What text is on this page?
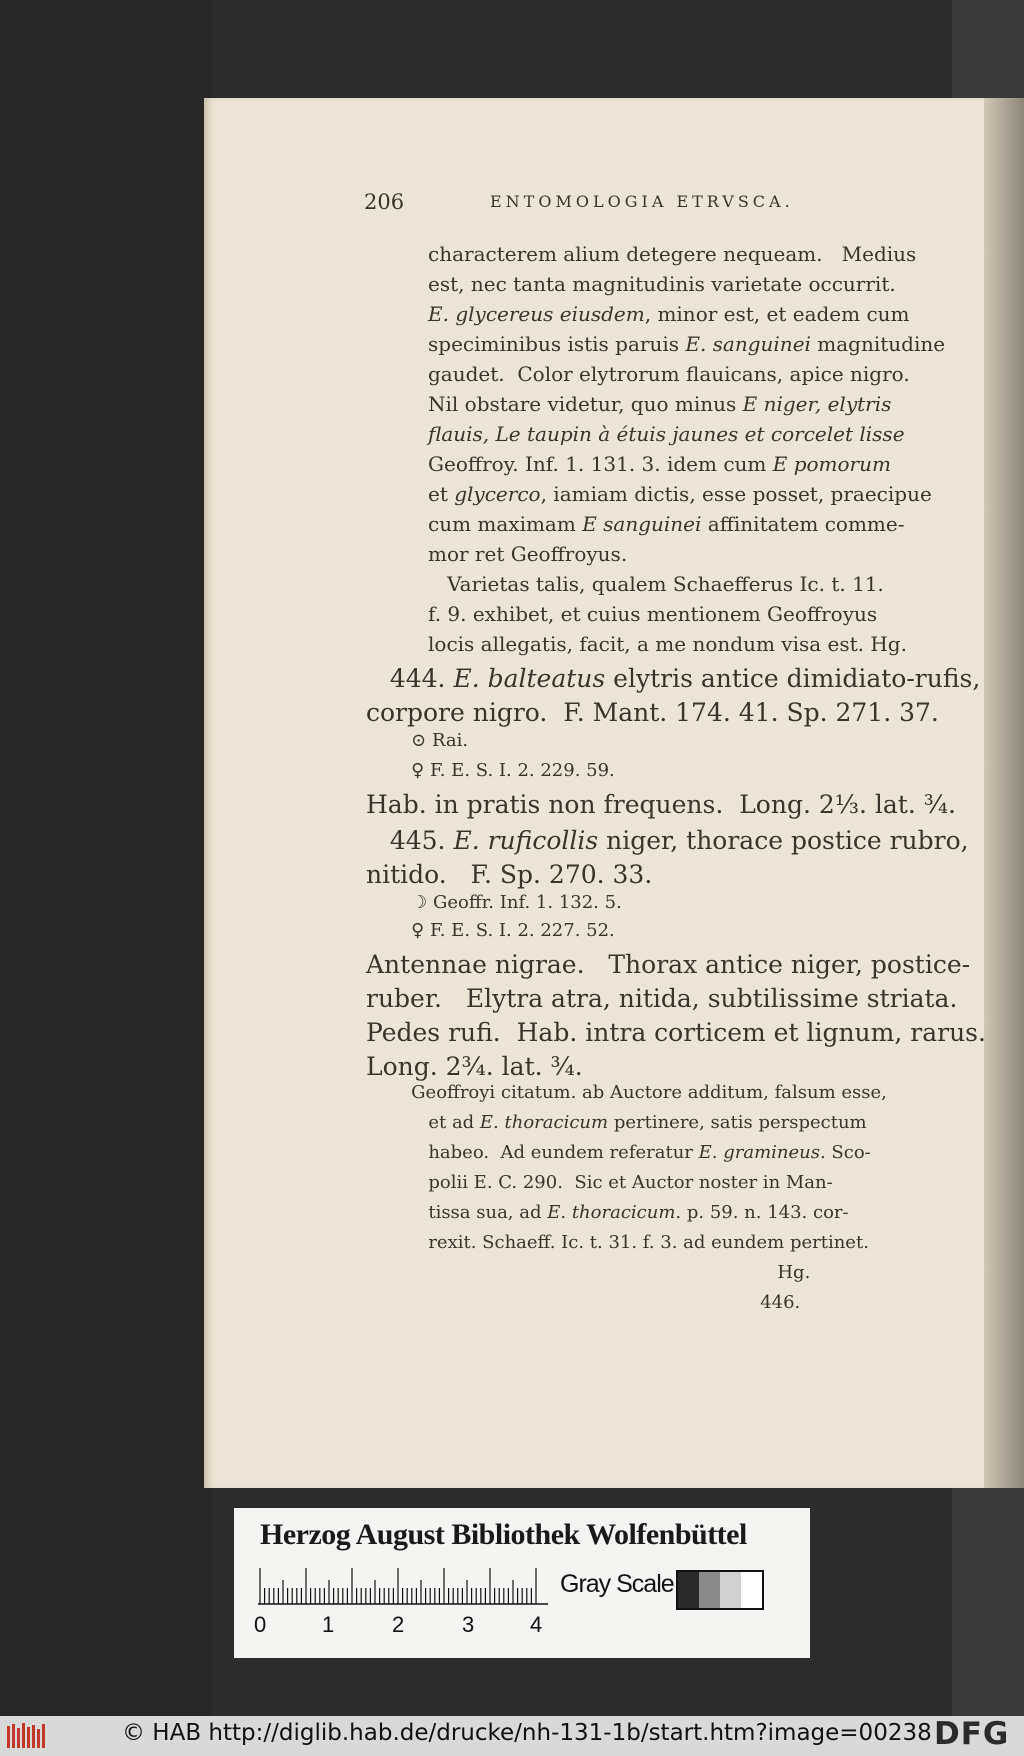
206	ENTOMOLOGIA ETRVSCA.
characterem alium detegere nequeam.   Medius
est, nec tanta magnitudinis varietate occurrit.
E. glycereus eiusdem, minor est, et eadem cum
speciminibus istis paruis E. sanguinei magnitudine
gaudet.  Color elytrorum flauicans, apice nigro.
Nil obstare videtur, quo minus E niger, elytris
flauis, Le taupin à étuis jaunes et corcelet lisse
Geoffroy. Inf. 1. 131. 3. idem cum E pomorum
et glycerco, iamiam dictis, esse posset, praecipue
cum maximam E sanguinei affinitatem comme-
mor ret Geoffroyus.
Varietas talis, qualem Schaefferus Ic. t. 11.
f. 9. exhibet, et cuius mentionem Geoffroyus
locis allegatis, facit, a me nondum visa est. Hg.
444. E. balteatus elytris antice dimidiato-rufis,
corpore nigro.  F. Mant. 174. 41. Sp. 271. 37.
⊙ Rai.
♀ F. E. S. I. 2. 229. 59.
Hab. in pratis non frequens.  Long. 2⅓. lat. ¾.
445. E. ruficollis niger, thorace postice rubro,
nitido.   F. Sp. 270. 33.
☽ Geoffr. Inf. 1. 132. 5.
♀ F. E. S. I. 2. 227. 52.
Antennae nigrae.   Thorax antice niger, postice-
ruber.   Elytra atra, nitida, subtilissime striata.
Pedes rufi.  Hab. intra corticem et lignum, rarus.
Long. 2¾. lat. ¾.
Geoffroyi citatum. ab Auctore additum, falsum esse,
et ad E. thoracicum pertinere, satis perspectum
habeo.  Ad eundem referatur E. gramineus. Sco-
polii E. C. 290.  Sic et Auctor noster in Man-
tissa sua, ad E. thoracicum. p. 59. n. 143. cor-
rexit. Schaeff. Ic. t. 31. f. 3. ad eundem pertinet.
Hg.
446.
Herzog August Bibliothek Wolfenbüttel
0	1	2	3	4
Gray Scale
© HAB http://diglib.hab.de/drucke/nh-131-1b/start.htm?image=00238 DFG
